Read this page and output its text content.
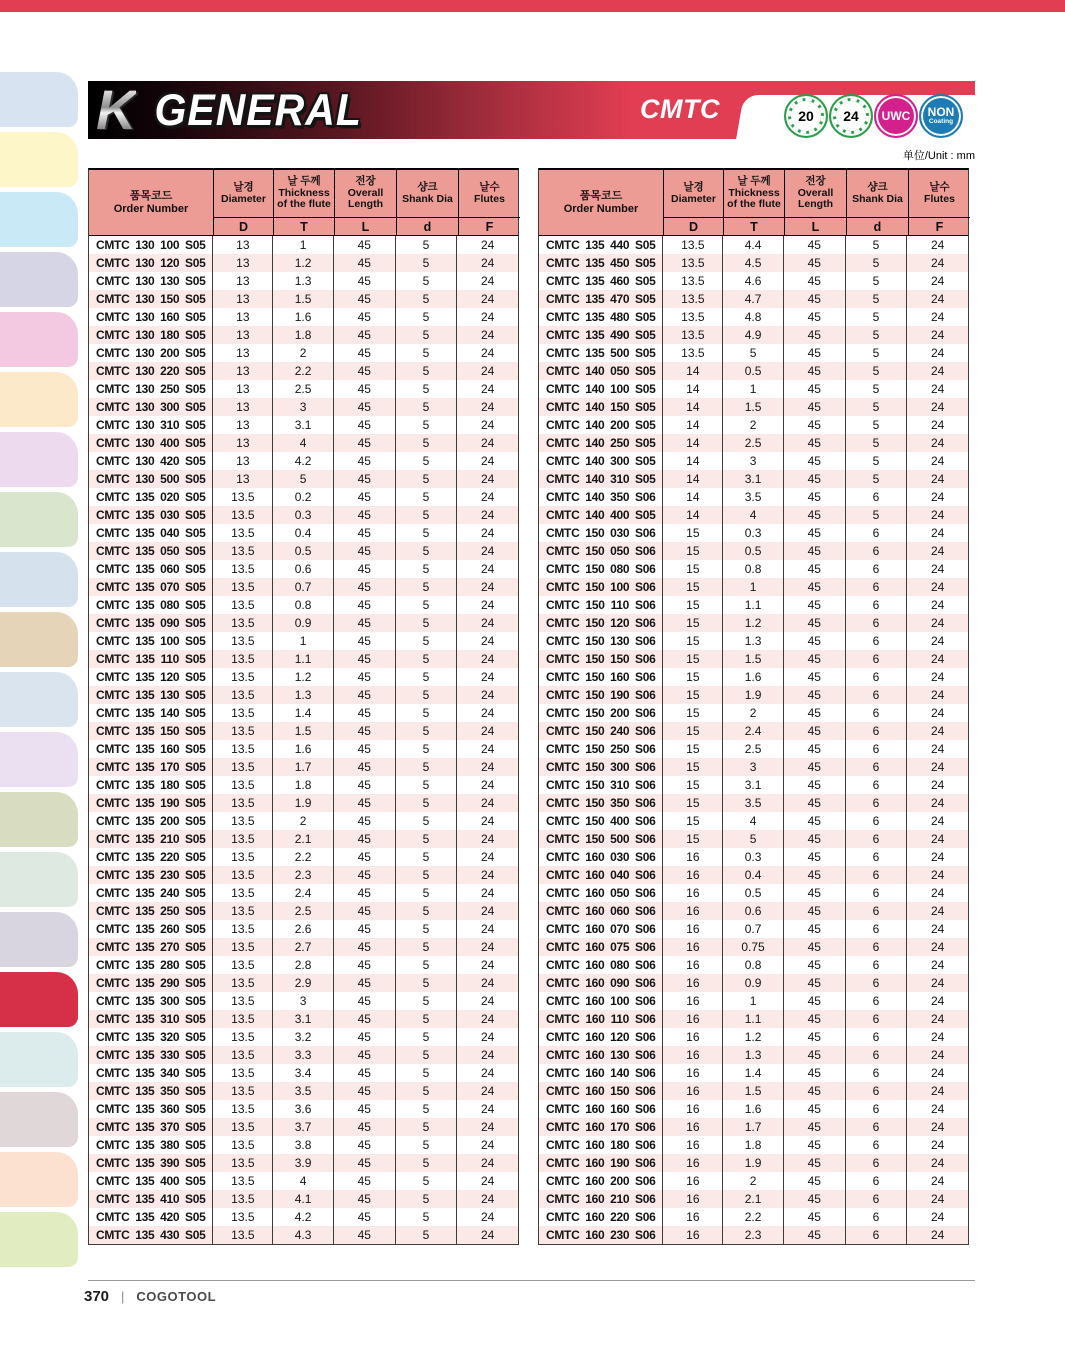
K GENERAL	CMTC	20	24	UWC NON
Coating
单位/Unit : mm
품목코드
Order Number
날경
Diameter
날 두께
Thickness of the flute
전장
Overall Length
샹크
Shank Dia
날수
Flutes
D	T	L	d	F
CMTC 130 100 S05	13	1	45	5	24
CMTC 130 120 S05	13	1.2	45	5	24
CMTC 130 130 S05	13	1.3	45	5	24
CMTC 130 150 S05	13	1.5	45	5	24
CMTC 130 160 S05	13	1.6	45	5	24
CMTC 130 180 S05	13	1.8	45	5	24
CMTC 130 200 S05	13	2	45	5	24
CMTC 130 220 S05	13	2.2	45	5	24
CMTC 130 250 S05	13	2.5	45	5	24
CMTC 130 300 S05	13	3	45	5	24
CMTC 130 310 S05	13	3.1	45	5	24
CMTC 130 400 S05	13	4	45	5	24
CMTC 130 420 S05	13	4.2	45	5	24
CMTC 130 500 S05	13	5	45	5	24
CMTC 135 020 S05	13.5	0.2	45	5	24
CMTC 135 030 S05	13.5	0.3	45	5	24
CMTC 135 040 S05	13.5	0.4	45	5	24
CMTC 135 050 S05	13.5	0.5	45	5	24
CMTC 135 060 S05	13.5	0.6	45	5	24
CMTC 135 070 S05	13.5	0.7	45	5	24
CMTC 135 080 S05	13.5	0.8	45	5	24
CMTC 135 090 S05	13.5	0.9	45	5	24
CMTC 135 100 S05	13.5	1	45	5	24
CMTC 135 110 S05	13.5	1.1	45	5	24
CMTC 135 120 S05	13.5	1.2	45	5	24
CMTC 135 130 S05	13.5	1.3	45	5	24
CMTC 135 140 S05	13.5	1.4	45	5	24
CMTC 135 150 S05	13.5	1.5	45	5	24
CMTC 135 160 S05	13.5	1.6	45	5	24
CMTC 135 170 S05	13.5	1.7	45	5	24
CMTC 135 180 S05	13.5	1.8	45	5	24
CMTC 135 190 S05	13.5	1.9	45	5	24
CMTC 135 200 S05	13.5	2	45	5	24
CMTC 135 210 S05	13.5	2.1	45	5	24
CMTC 135 220 S05	13.5	2.2	45	5	24
CMTC 135 230 S05	13.5	2.3	45	5	24
CMTC 135 240 S05	13.5	2.4	45	5	24
CMTC 135 250 S05	13.5	2.5	45	5	24
CMTC 135 260 S05	13.5	2.6	45	5	24
CMTC 135 270 S05	13.5	2.7	45	5	24
CMTC 135 280 S05	13.5	2.8	45	5	24
CMTC 135 290 S05	13.5	2.9	45	5	24
CMTC 135 300 S05	13.5	3	45	5	24
CMTC 135 310 S05	13.5	3.1	45	5	24
CMTC 135 320 S05	13.5	3.2	45	5	24
CMTC 135 330 S05	13.5	3.3	45	5	24
CMTC 135 340 S05	13.5	3.4	45	5	24
CMTC 135 350 S05	13.5	3.5	45	5	24
CMTC 135 360 S05	13.5	3.6	45	5	24
CMTC 135 370 S05	13.5	3.7	45	5	24
CMTC 135 380 S05	13.5	3.8	45	5	24
CMTC 135 390 S05	13.5	3.9	45	5	24
CMTC 135 400 S05	13.5	4	45	5	24
CMTC 135 410 S05	13.5	4.1	45	5	24
CMTC 135 420 S05	13.5	4.2	45	5	24
CMTC 135 430 S05	13.5	4.3	45	5	24
품목코드
Order Number
날경
Diameter
날 두께
Thickness of the flute
전장
Overall Length
샹크
Shank Dia
날수
Flutes
D	T	L	d	F
CMTC 135 440 S05	13.5	4.4	45	5	24
CMTC 135 450 S05	13.5	4.5	45	5	24
CMTC 135 460 S05	13.5	4.6	45	5	24
CMTC 135 470 S05	13.5	4.7	45	5	24
CMTC 135 480 S05	13.5	4.8	45	5	24
CMTC 135 490 S05	13.5	4.9	45	5	24
CMTC 135 500 S05	13.5	5	45	5	24
CMTC 140 050 S05	14	0.5	45	5	24
CMTC 140 100 S05	14	1	45	5	24
CMTC 140 150 S05	14	1.5	45	5	24
CMTC 140 200 S05	14	2	45	5	24
CMTC 140 250 S05	14	2.5	45	5	24
CMTC 140 300 S05	14	3	45	5	24
CMTC 140 310 S05	14	3.1	45	5	24
CMTC 140 350 S06	14	3.5	45	6	24
CMTC 140 400 S05	14	4	45	5	24
CMTC 150 030 S06	15	0.3	45	6	24
CMTC 150 050 S06	15	0.5	45	6	24
CMTC 150 080 S06	15	0.8	45	6	24
CMTC 150 100 S06	15	1	45	6	24
CMTC 150 110 S06	15	1.1	45	6	24
CMTC 150 120 S06	15	1.2	45	6	24
CMTC 150 130 S06	15	1.3	45	6	24
CMTC 150 150 S06	15	1.5	45	6	24
CMTC 150 160 S06	15	1.6	45	6	24
CMTC 150 190 S06	15	1.9	45	6	24
CMTC 150 200 S06	15	2	45	6	24
CMTC 150 240 S06	15	2.4	45	6	24
CMTC 150 250 S06	15	2.5	45	6	24
CMTC 150 300 S06	15	3	45	6	24
CMTC 150 310 S06	15	3.1	45	6	24
CMTC 150 350 S06	15	3.5	45	6	24
CMTC 150 400 S06	15	4	45	6	24
CMTC 150 500 S06	15	5	45	6	24
CMTC 160 030 S06	16	0.3	45	6	24
CMTC 160 040 S06	16	0.4	45	6	24
CMTC 160 050 S06	16	0.5	45	6	24
CMTC 160 060 S06	16	0.6	45	6	24
CMTC 160 070 S06	16	0.7	45	6	24
CMTC 160 075 S06	16	0.75	45	6	24
CMTC 160 080 S06	16	0.8	45	6	24
CMTC 160 090 S06	16	0.9	45	6	24
CMTC 160 100 S06	16	1	45	6	24
CMTC 160 110 S06	16	1.1	45	6	24
CMTC 160 120 S06	16	1.2	45	6	24
CMTC 160 130 S06	16	1.3	45	6	24
CMTC 160 140 S06	16	1.4	45	6	24
CMTC 160 150 S06	16	1.5	45	6	24
CMTC 160 160 S06	16	1.6	45	6	24
CMTC 160 170 S06	16	1.7	45	6	24
CMTC 160 180 S06	16	1.8	45	6	24
CMTC 160 190 S06	16	1.9	45	6	24
CMTC 160 200 S06	16	2	45	6	24
CMTC 160 210 S06	16	2.1	45	6	24
CMTC 160 220 S06	16	2.2	45	6	24
CMTC 160 230 S06	16	2.3	45	6	24
370 | COGOTOOL
